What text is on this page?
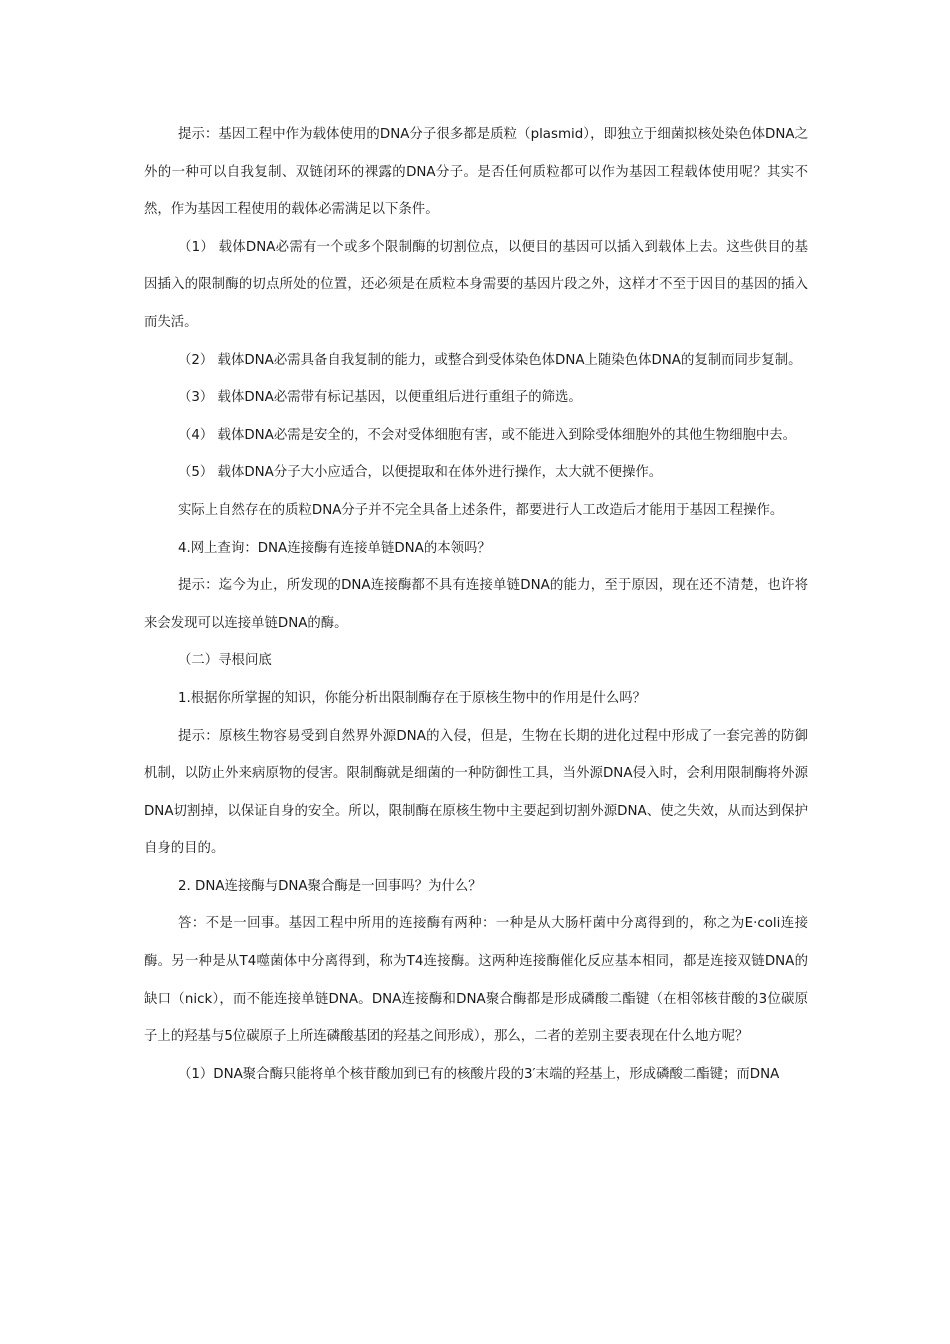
提示：基因工程中作为载体使用的DNA分子很多都是质粒（plasmid），即独立于细菌拟核处染色体DNA之外的一种可以自我复制、双链闭环的裸露的DNA分子。是否任何质粒都可以作为基因工程载体使用呢？其实不然，作为基因工程使用的载体必需满足以下条件。

（1） 载体DNA必需有一个或多个限制酶的切割位点，以便目的基因可以插入到载体上去。这些供目的基因插入的限制酶的切点所处的位置，还必须是在质粒本身需要的基因片段之外，这样才不至于因目的基因的插入而失活。

（2） 载体DNA必需具备自我复制的能力，或整合到受体染色体DNA上随染色体DNA的复制而同步复制。

（3） 载体DNA必需带有标记基因，以便重组后进行重组子的筛选。

（4） 载体DNA必需是安全的，不会对受体细胞有害，或不能进入到除受体细胞外的其他生物细胞中去。

（5） 载体DNA分子大小应适合，以便提取和在体外进行操作，太大就不便操作。

实际上自然存在的质粒DNA分子并不完全具备上述条件，都要进行人工改造后才能用于基因工程操作。

4.网上查询：DNA连接酶有连接单链DNA的本领吗？

提示：迄今为止，所发现的DNA连接酶都不具有连接单链DNA的能力，至于原因，现在还不清楚，也许将来会发现可以连接单链DNA的酶。

（二）寻根问底

1.根据你所掌握的知识，你能分析出限制酶存在于原核生物中的作用是什么吗？

提示：原核生物容易受到自然界外源DNA的入侵，但是，生物在长期的进化过程中形成了一套完善的防御机制，以防止外来病原物的侵害。限制酶就是细菌的一种防御性工具，当外源DNA侵入时，会利用限制酶将外源DNA切割掉，以保证自身的安全。所以，限制酶在原核生物中主要起到切割外源DNA、使之失效，从而达到保护自身的目的。

2. DNA连接酶与DNA聚合酶是一回事吗？为什么？

答：不是一回事。基因工程中所用的连接酶有两种：一种是从大肠杆菌中分离得到的，称之为E·coli连接酶。另一种是从T4噬菌体中分离得到，称为T4连接酶。这两种连接酶催化反应基本相同，都是连接双链DNA的缺口（nick），而不能连接单链DNA。DNA连接酶和DNA聚合酶都是形成磷酸二酯键（在相邻核苷酸的3位碳原子上的羟基与5位碳原子上所连磷酸基团的羟基之间形成），那么，二者的差别主要表现在什么地方呢？

（1）DNA聚合酶只能将单个核苷酸加到已有的核酸片段的3′末端的羟基上，形成磷酸二酯键；而DNA
